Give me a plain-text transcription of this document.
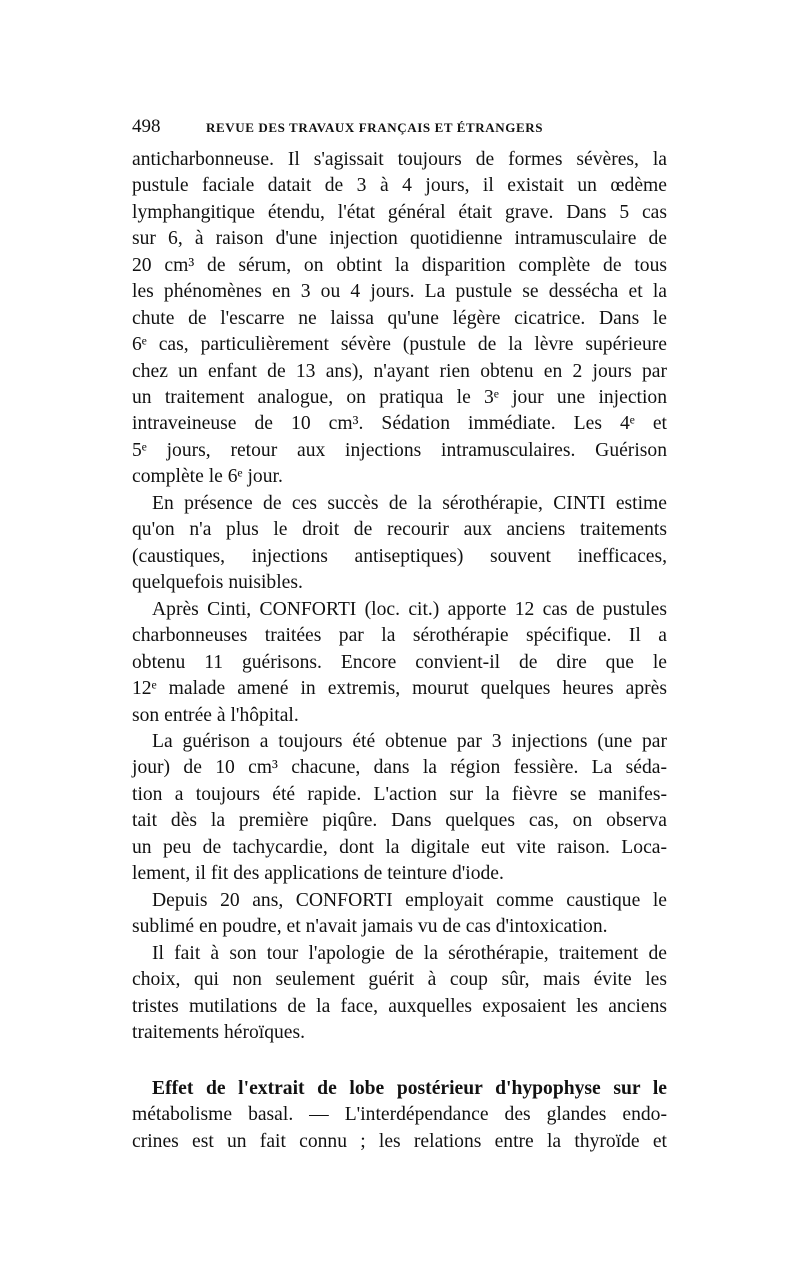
498	REVUE DES TRAVAUX FRANÇAIS ET ÉTRANGERS
anticharbonneuse. Il s'agissait toujours de formes sévères, la
pustule faciale datait de 3 à 4 jours, il existait un œdème
lymphangitique étendu, l'état général était grave. Dans 5 cas
sur 6, à raison d'une injection quotidienne intramusculaire de
20 cm³ de sérum, on obtint la disparition complète de tous
les phénomènes en 3 ou 4 jours. La pustule se dessécha et la
chute de l'escarre ne laissa qu'une légère cicatrice. Dans le
6ᵉ cas, particulièrement sévère (pustule de la lèvre supérieure
chez un enfant de 13 ans), n'ayant rien obtenu en 2 jours par
un traitement analogue, on pratiqua le 3ᵉ jour une injection
intraveineuse de 10 cm³. Sédation immédiate. Les 4ᵉ et
5ᵉ jours, retour aux injections intramusculaires. Guérison
complète le 6ᵉ jour.
En présence de ces succès de la sérothérapie, CINTI estime
qu'on n'a plus le droit de recourir aux anciens traitements
(caustiques, injections antiseptiques) souvent inefficaces,
quelquefois nuisibles.
Après Cinti, CONFORTI (loc. cit.) apporte 12 cas de pustules
charbonneuses traitées par la sérothérapie spécifique. Il a
obtenu 11 guérisons. Encore convient-il de dire que le
12ᵉ malade amené in extremis, mourut quelques heures après
son entrée à l'hôpital.
La guérison a toujours été obtenue par 3 injections (une par
jour) de 10 cm³ chacune, dans la région fessière. La séda-
tion a toujours été rapide. L'action sur la fièvre se manifes-
tait dès la première piqûre. Dans quelques cas, on observa
un peu de tachycardie, dont la digitale eut vite raison. Loca-
lement, il fit des applications de teinture d'iode.
Depuis 20 ans, CONFORTI employait comme caustique le
sublimé en poudre, et n'avait jamais vu de cas d'intoxication.
Il fait à son tour l'apologie de la sérothérapie, traitement de
choix, qui non seulement guérit à coup sûr, mais évite les
tristes mutilations de la face, auxquelles exposaient les anciens
traitements héroïques.
Effet de l'extrait de lobe postérieur d'hypophyse sur le
métabolisme basal. — L'interdépendance des glandes endo-
crines est un fait connu ; les relations entre la thyroïde et
